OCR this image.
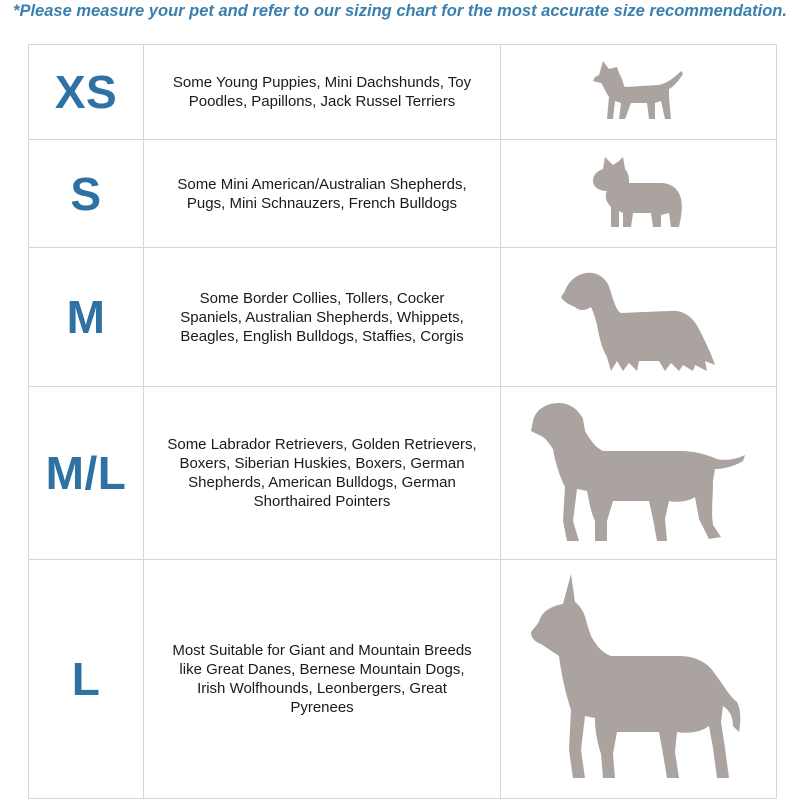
*Please measure your pet and refer to our sizing chart for the most accurate size recommendation.
XS	Some Young Puppies, Mini Dachshunds, Toy Poodles, Papillons, Jack Russel Terriers	

S	Some Mini American/Australian Shepherds, Pugs, Mini Schnauzers, French Bulldogs	

M	Some Border Collies, Tollers, Cocker Spaniels, Australian Shepherds, Whippets, Beagles, English Bulldogs, Staffies, Corgis	

M/L	Some Labrador Retrievers, Golden Retrievers, Boxers, Siberian Huskies, Boxers, German Shepherds, American Bulldogs, German Shorthaired Pointers	

L	Most Suitable for Giant and Mountain Breeds like Great Danes, Bernese Mountain Dogs, Irish Wolfhounds, Leonbergers, Great Pyrenees	
